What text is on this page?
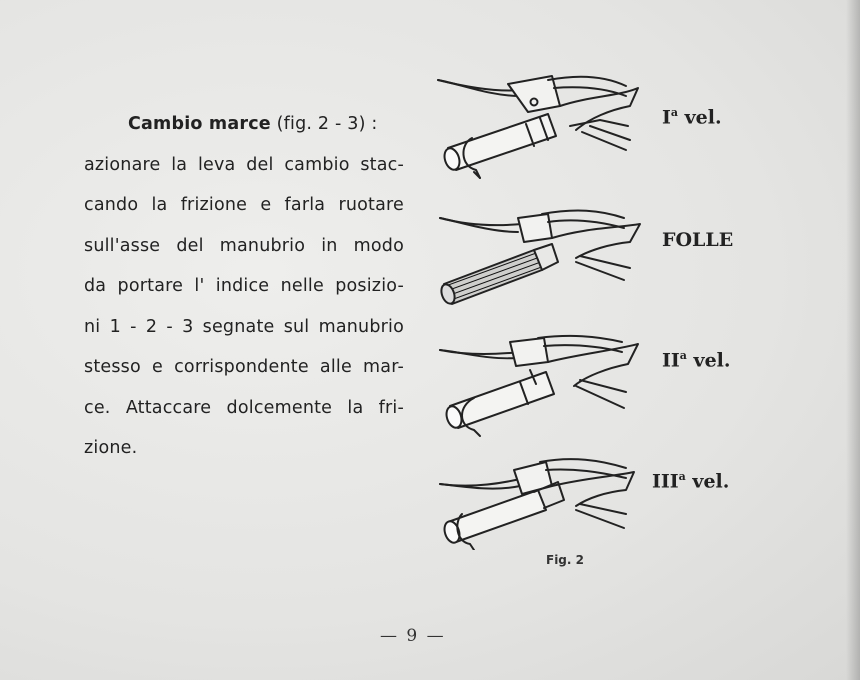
Cambio marce (fig. 2 - 3) :
azionare la leva del cambio stac-
cando la frizione e farla ruotare
sull'asse del manubrio in modo
da portare l' indice nelle posizio-
ni 1 - 2 - 3 segnate sul manubrio
stesso e corrispondente alle mar-
ce. Attaccare dolcemente la fri-
zione.
$I^a$ vel.
FOLLE
$II^a$ vel.
III$^a$ vel.
Fig. 2
— 9 —
